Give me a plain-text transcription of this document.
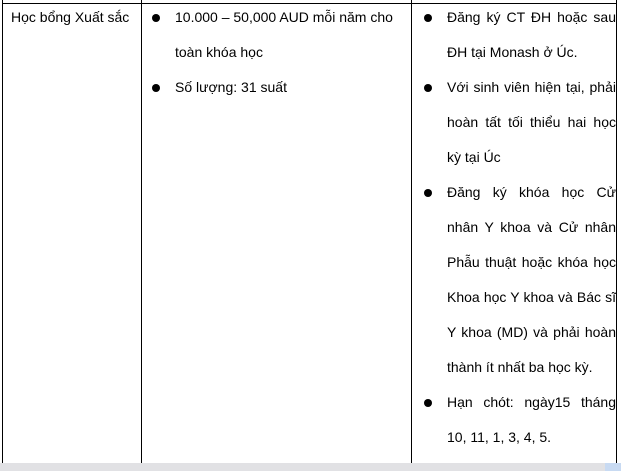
Học bổng Xuất sắc	10.000 – 50,000 AUD mỗi năm cho toàn khóa học
Số lượng: 31 suất
Đăng ký CT ĐH hoặc sau ĐH tại Monash ở Úc.
Với sinh viên hiện tại, phải hoàn tất tối thiểu hai học kỳ tại Úc
Đăng ký khóa học Cử nhân Y khoa và Cử nhân Phẫu thuật hoặc khóa học Khoa học Y khoa và Bác sĩ Y khoa (MD) và phải hoàn thành ít nhất ba học kỳ.
Hạn chót: ngày15 tháng 10, 11, 1, 3, 4, 5.
